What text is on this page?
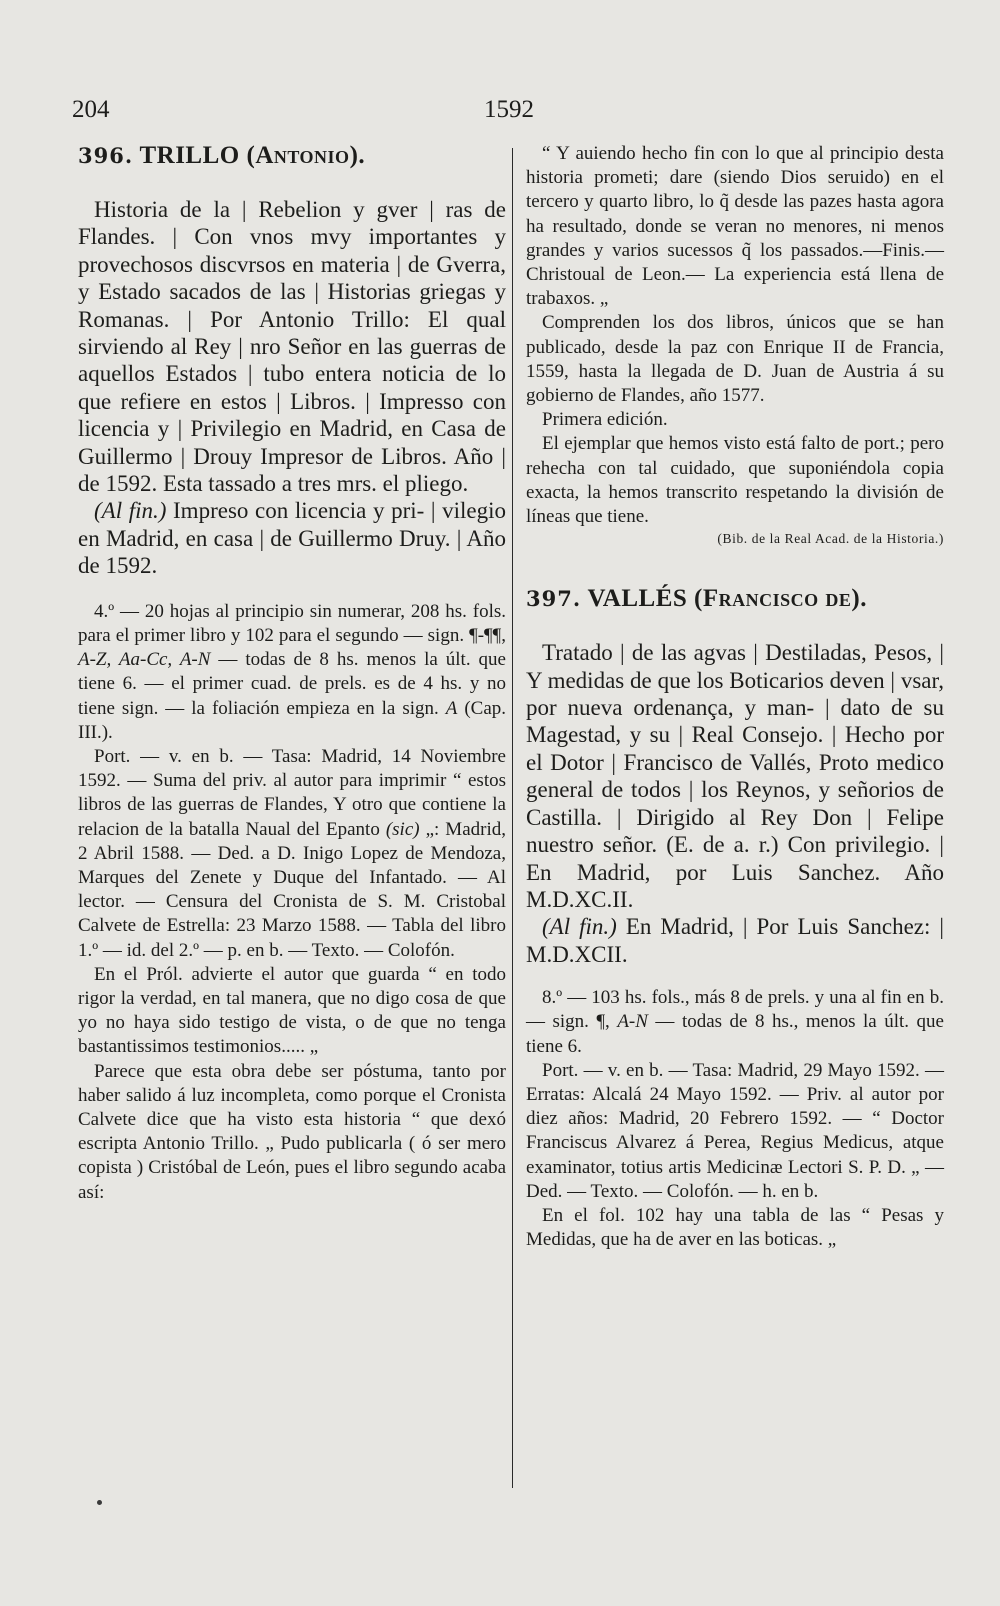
204	1592
396. TRILLO (Antonio).

Historia de la | Rebelion y gver | ras de Flandes. | Con vnos mvy importantes y provechosos discvrsos en materia | de Gverra, y Estado sacados de las | Historias griegas y Romanas. | Por Antonio Trillo: El qual sirviendo al Rey | nro Señor en las guerras de aquellos Estados | tubo entera noticia de lo que refiere en estos | Libros. | Impresso con licencia y | Privilegio en Madrid, en Casa de Guillermo | Drouy Impresor de Libros. Año | de 1592. Esta tassado a tres mrs. el pliego.

(Al fin.) Impreso con licencia y pri- | vilegio en Madrid, en casa | de Guillermo Druy. | Año de 1592.

4.º — 20 hojas al principio sin numerar, 208 hs. fols. para el primer libro y 102 para el segundo — sign. ¶-¶¶, A-Z, Aa-Cc, A-N — todas de 8 hs. menos la últ. que tiene 6. — el primer cuad. de prels. es de 4 hs. y no tiene sign. — la foliación empieza en la sign. A (Cap. III.).

Port. — v. en b. — Tasa: Madrid, 14 Noviembre 1592. — Suma del priv. al autor para imprimir “ estos libros de las guerras de Flandes, Y otro que contiene la relacion de la batalla Naual del Epanto (sic) „: Madrid, 2 Abril 1588. — Ded. a D. Inigo Lopez de Mendoza, Marques del Zenete y Duque del Infantado. — Al lector. — Censura del Cronista de S. M. Cristobal Calvete de Estrella: 23 Marzo 1588. — Tabla del libro 1.º — id. del 2.º — p. en b. — Texto. — Colofón.

En el Pról. advierte el autor que guarda “ en todo rigor la verdad, en tal manera, que no digo cosa de que yo no haya sido testigo de vista, o de que no tenga bastantissimos testimonios..... „

Parece que esta obra debe ser póstuma, tanto por haber salido á luz incompleta, como porque el Cronista Calvete dice que ha visto esta historia “ que dexó escripta Antonio Trillo. „ Pudo publicarla ( ó ser mero copista ) Cristóbal de León, pues el libro segundo acaba así:

“ Y auiendo hecho fin con lo que al principio desta historia prometi; dare (siendo Dios seruido) en el tercero y quarto libro, lo q̃ desde las pazes hasta agora ha resultado, donde se veran no menores, ni menos grandes y varios sucessos q̃ los passados.—Finis.—Christoual de Leon.— La experiencia está llena de trabaxos. „

Comprenden los dos libros, únicos que se han publicado, desde la paz con Enrique II de Francia, 1559, hasta la llegada de D. Juan de Austria á su gobierno de Flandes, año 1577.

Primera edición.

El ejemplar que hemos visto está falto de port.; pero rehecha con tal cuidado, que suponiéndola copia exacta, la hemos transcrito respetando la división de líneas que tiene.

(Bib. de la Real Acad. de la Historia.)

397. VALLÉS (Francisco de).

Tratado | de las agvas | Destiladas, Pesos, | Y medidas de que los Boticarios deven | vsar, por nueva ordenança, y man- | dato de su Magestad, y su | Real Consejo. | Hecho por el Dotor | Francisco de Vallés, Proto medico general de todos | los Reynos, y señorios de Castilla. | Dirigido al Rey Don | Felipe nuestro señor. (E. de a. r.) Con privilegio. | En Madrid, por Luis Sanchez. Año M.D.XC.II.

(Al fin.) En Madrid, | Por Luis Sanchez: | M.D.XCII.

8.º — 103 hs. fols., más 8 de prels. y una al fin en b. — sign. ¶, A-N — todas de 8 hs., menos la últ. que tiene 6.

Port. — v. en b. — Tasa: Madrid, 29 Mayo 1592. — Erratas: Alcalá 24 Mayo 1592. — Priv. al autor por diez años: Madrid, 20 Febrero 1592. — “ Doctor Franciscus Alvarez á Perea, Regius Medicus, atque examinator, totius artis Medicinæ Lectori S. P. D. „ — Ded. — Texto. — Colofón. — h. en b.

En el fol. 102 hay una tabla de las “ Pesas y Medidas, que ha de aver en las boticas. „
